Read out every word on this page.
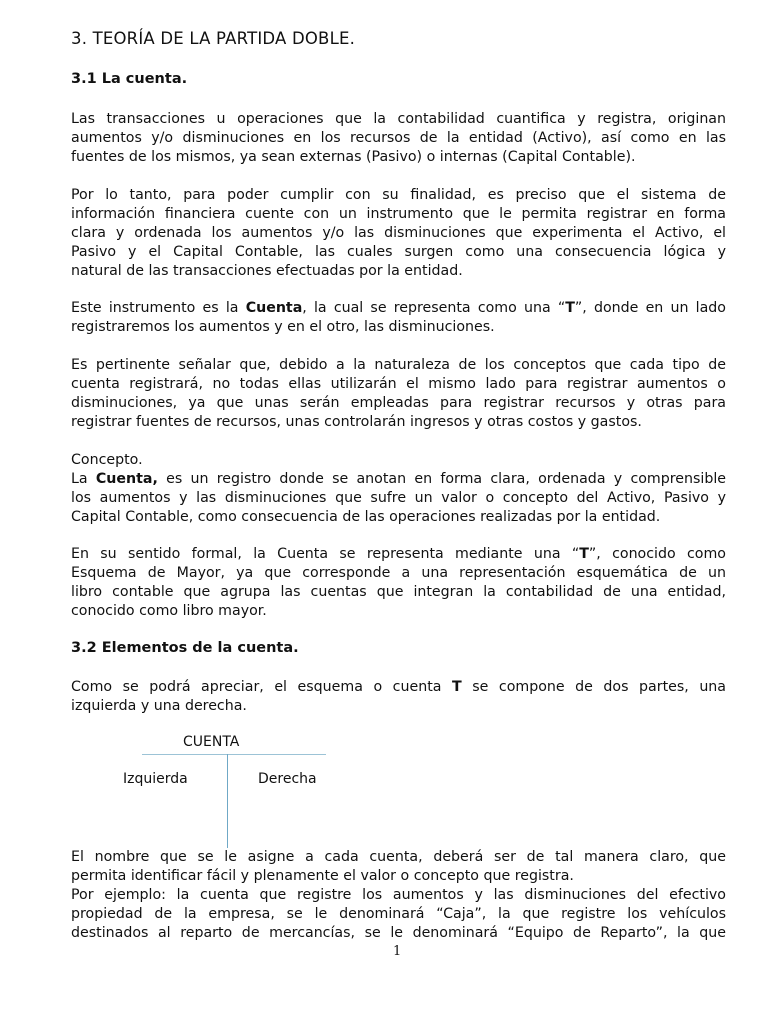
3. TEORÍA DE LA PARTIDA DOBLE.
3.1 La cuenta.
Las transacciones u operaciones que la contabilidad cuantifica y registra, originan
aumentos y/o disminuciones en los recursos de la entidad (Activo), así como en las
fuentes de los mismos, ya sean externas (Pasivo) o internas (Capital Contable).
Por lo tanto, para poder cumplir con su finalidad, es preciso que el sistema de
información financiera cuente con un instrumento que le permita registrar en forma
clara y ordenada los aumentos y/o las disminuciones que experimenta el Activo, el
Pasivo y el Capital Contable, las cuales surgen como una consecuencia lógica y
natural de las transacciones efectuadas por la entidad.
Este instrumento es la Cuenta, la cual se representa como una “T”, donde en un lado
registraremos los aumentos y en el otro, las disminuciones.
Es pertinente señalar que, debido a la naturaleza de los conceptos que cada tipo de
cuenta registrará, no todas ellas utilizarán el mismo lado para registrar aumentos o
disminuciones, ya que unas serán empleadas para registrar recursos y otras para
registrar fuentes de recursos, unas controlarán ingresos y otras costos y gastos.
Concepto.
La Cuenta, es un registro donde se anotan en forma clara, ordenada y comprensible
los aumentos y las disminuciones que sufre un valor o concepto del Activo, Pasivo y
Capital Contable, como consecuencia de las operaciones realizadas por la entidad.
En su sentido formal, la Cuenta se representa mediante una “T”, conocido como
Esquema de Mayor, ya que corresponde a una representación esquemática de un
libro contable que agrupa las cuentas que integran la contabilidad de una entidad,
conocido como libro mayor.
3.2 Elementos de la cuenta.
Como se podrá apreciar, el esquema o cuenta T se compone de dos partes, una
izquierda y una derecha.
CUENTA
Izquierda	Derecha
El nombre que se le asigne a cada cuenta, deberá ser de tal manera claro, que
permita identificar fácil y plenamente el valor o concepto que registra.
Por ejemplo: la cuenta que registre los aumentos y las disminuciones del efectivo
propiedad de la empresa, se le denominará “Caja”, la que registre los vehículos
destinados al reparto de mercancías, se le denominará “Equipo de Reparto”, la que
1
